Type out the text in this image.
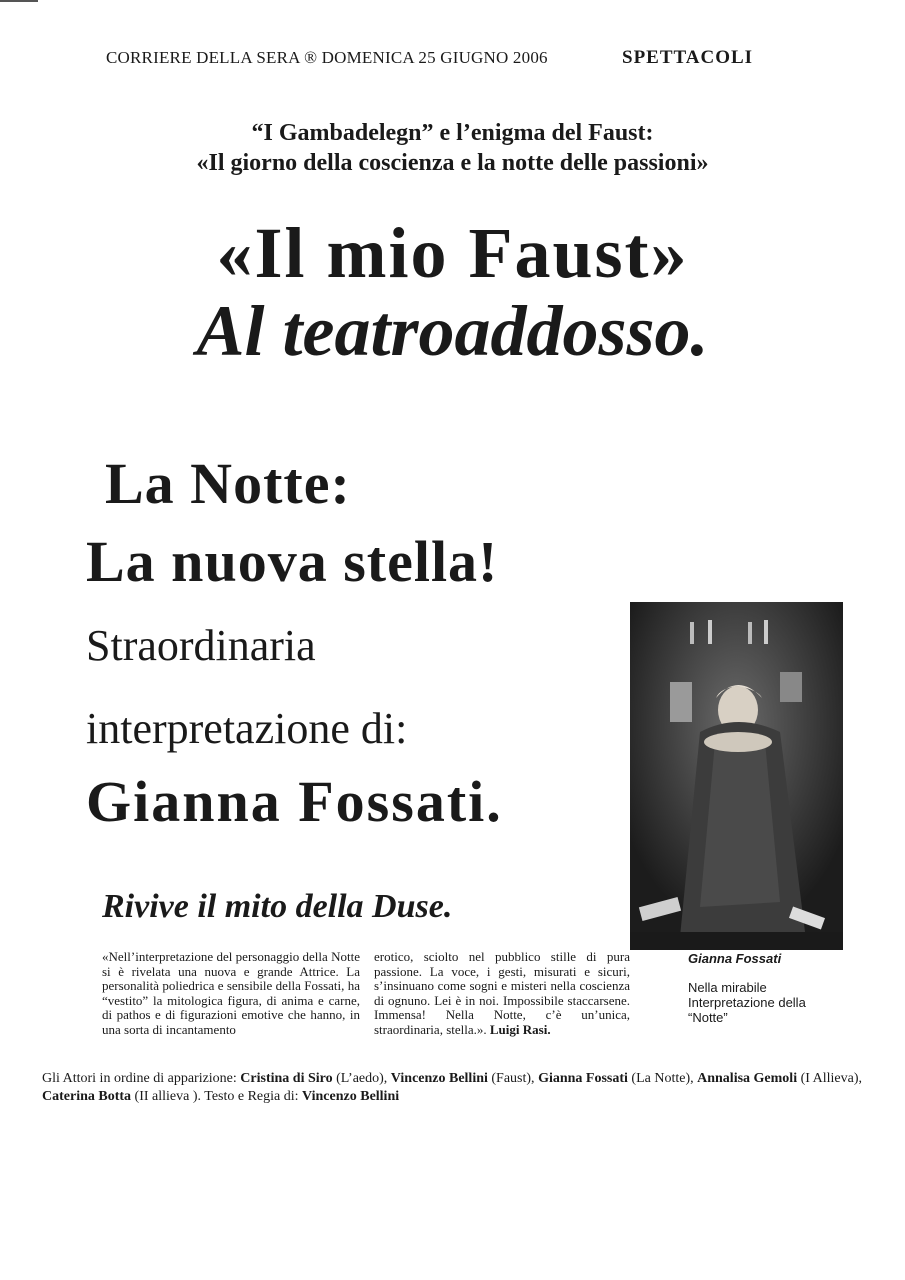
CORRIERE DELLA SERA ® DOMENICA 25 GIUGNO 2006	SPETTACOLI
“I Gambadelegn” e l’enigma del Faust:
«Il giorno della coscienza e la notte delle passioni»
«Il mio Faust»
Al teatroaddosso.
La Notte:
La nuova stella!
Straordinaria
interpretazione di:
Gianna Fossati.
Gianna Fossati
Nella mirabile Interpretazione della “Notte”
Rivive il mito della Duse.
«Nell’interpretazione del personaggio della Notte si è rivelata una nuova e grande Attrice. La personalità poliedrica e sensibile della Fossati, ha “vestito” la mitologica figura, di anima e carne, di pathos e di figurazioni emotive che hanno, in una sorta di incantamento
erotico, sciolto nel pubblico stille di pura passione. La voce, i gesti, misurati e sicuri, s’insinuano come sogni e misteri nella coscienza di ognuno. Lei è in noi. Impossibile staccarsene. Immensa! Nella Notte, c’è un’unica, straordinaria, stella.». Luigi Rasi.
Gli Attori in ordine di apparizione: Cristina di Siro (L’aedo), Vincenzo Bellini (Faust), Gianna Fossati (La Notte), Annalisa Gemoli (I Allieva), Caterina Botta (II allieva ). Testo e Regia di: Vincenzo Bellini
